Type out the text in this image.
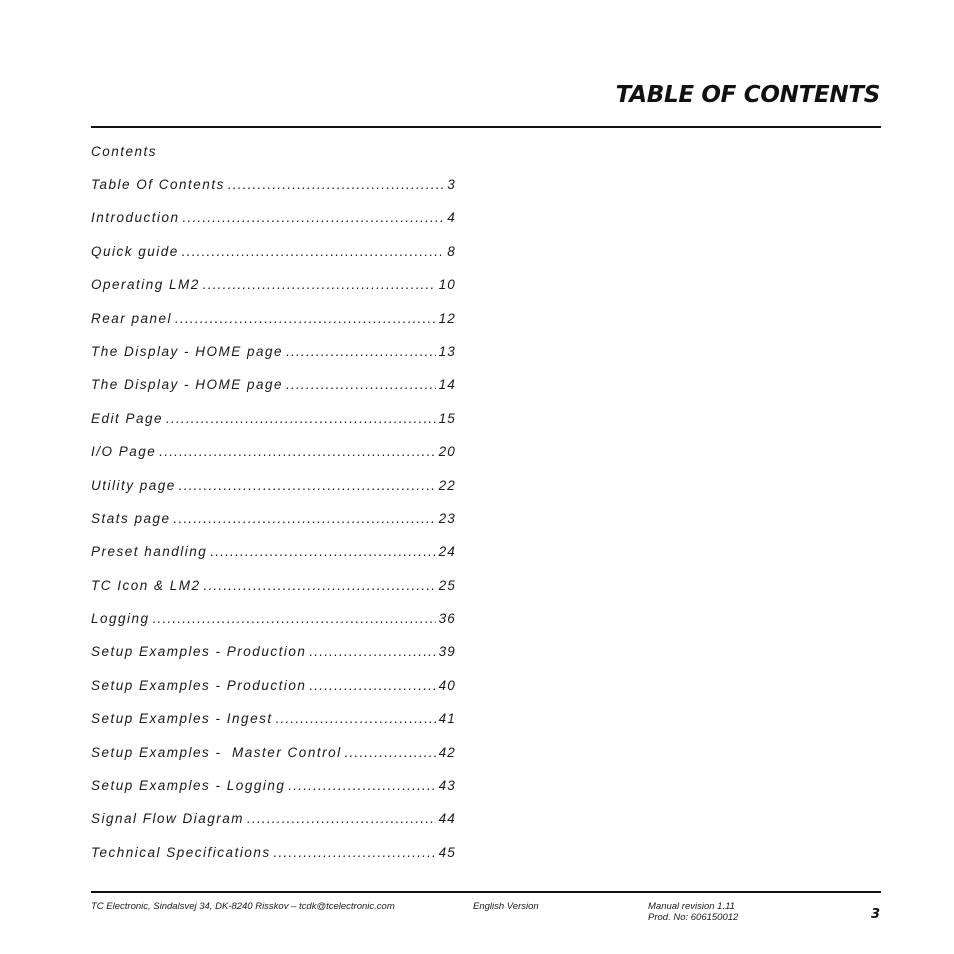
TABLE OF CONTENTS
Contents
Table Of Contents .....	3
Introduction .....	4
Quick guide .....	8
Operating LM2 .....	10
Rear panel .....	12
The Display - HOME page .....	13
The Display - HOME page .....	14
Edit Page .....	15
I/O Page .....	20
Utility page .....	22
Stats page .....	23
Preset handling .....	24
TC Icon & LM2 .....	25
Logging .....	36
Setup Examples - Production .....	39
Setup Examples - Production .....	40
Setup Examples - Ingest .....	41
Setup Examples -  Master Control .....	42
Setup Examples - Logging .....	43
Signal Flow Diagram .....	44
Technical Specifications .....	45
TC Electronic, Sindalsvej 34, DK-8240 Risskov – tcdk@tcelectronic.com	English Version	Manual revision 1.11
Prod. No: 606150012	3
